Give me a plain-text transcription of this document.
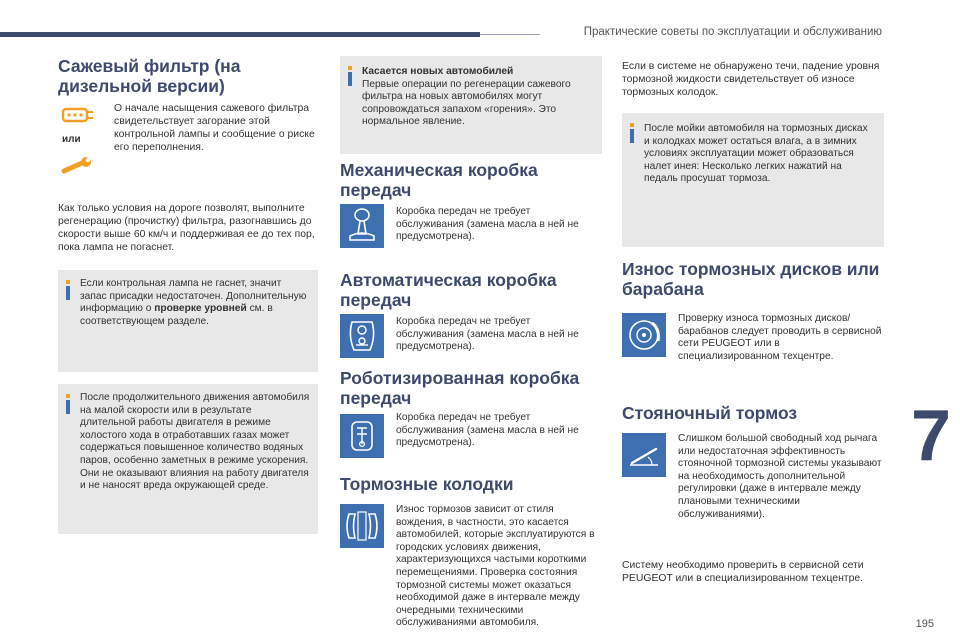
Практические советы по эксплуатации и обслуживанию
7
195
Сажевый фильтр (на дизельной версии)
или

О начале насыщения сажевого фильтра свидетельствует загорание этой контрольной лампы и сообщение о риске его переполнения.

Как только условия на дороге позволят, выполните регенерацию (прочистку) фильтра, разогнавшись до скорости выше 60 км/ч и поддерживая ее до тех пор, пока лампа не погаснет.

Если контрольная лампа не гаснет, значит запас присадки недостаточен. Дополнительную информацию о проверке уровней см. в соответствующем разделе.

После продолжительного движения автомобиля на малой скорости или в результате длительной работы двигателя в режиме холостого хода в отработавших газах может содержаться повышенное количество водяных паров, особенно заметных в режиме ускорения. Они не оказывают влияния на работу двигателя и не наносят вреда окружающей среде.

Касается новых автомобилей

Первые операции по регенерации сажевого фильтра на новых автомобилях могут сопровождаться запахом «горения». Это нормальное явление.

Механическая коробка передач

Коробка передач не требует обслуживания (замена масла в ней не предусмотрена).

Автоматическая коробка передач

Коробка передач не требует обслуживания (замена масла в ней не предусмотрена).

Роботизированная коробка передач

Коробка передач не требует обслуживания (замена масла в ней не предусмотрена).

Тормозные колодки

Износ тормозов зависит от стиля вождения, в частности, это касается автомобилей, которые эксплуатируются в городских условиях движения, характеризующихся частыми короткими перемещениями. Проверка состояния тормозной системы может оказаться необходимой даже в интервале между очередными техническими обслуживаниями автомобиля.

Если в системе не обнаружено течи, падение уровня тормозной жидкости свидетельствует об износе тормозных колодок.

После мойки автомобиля на тормозных дисках и колодках может остаться влага, а в зимних условиях эксплуатации может образоваться налет инея: Несколько легких нажатий на педаль просушат тормоза.

Износ тормозных дисков или барабана

Проверку износа тормозных дисков/барабанов следует проводить в сервисной сети PEUGEOT или в специализированном техцентре.

Стояночный тормоз

Слишком большой свободный ход рычага или недостаточная эффективность стояночной тормозной системы указывают на необходимость дополнительной регулировки (даже в интервале между плановыми техническими обслуживаниями).

Систему необходимо проверить в сервисной сети PEUGEOT или в специализированном техцентре.
